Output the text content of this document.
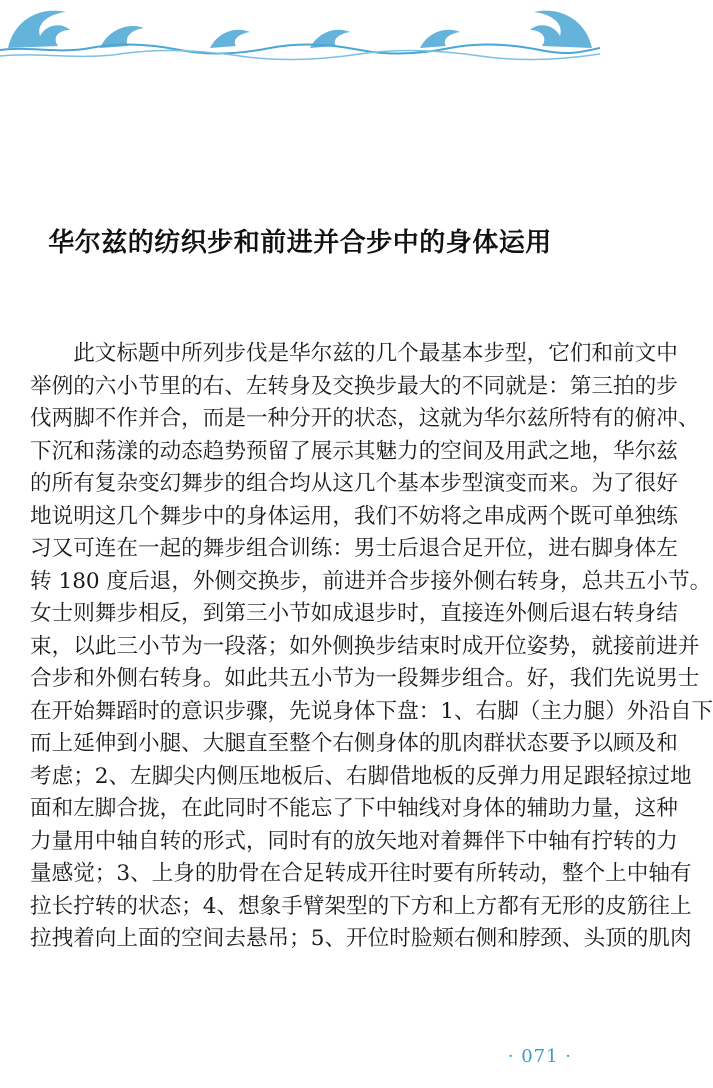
华尔兹的纺织步和前进并合步中的身体运用
　　此文标题中所列步伐是华尔兹的几个最基本步型，它们和前文中
举例的六小节里的右、左转身及交换步最大的不同就是：第三拍的步
伐两脚不作并合，而是一种分开的状态，这就为华尔兹所特有的俯冲、
下沉和荡漾的动态趋势预留了展示其魅力的空间及用武之地，华尔兹
的所有复杂变幻舞步的组合均从这几个基本步型演变而来。为了很好
地说明这几个舞步中的身体运用，我们不妨将之串成两个既可单独练
习又可连在一起的舞步组合训练：男士后退合足开位，进右脚身体左
转 180 度后退，外侧交换步，前进并合步接外侧右转身，总共五小节。
女士则舞步相反，到第三小节如成退步时，直接连外侧后退右转身结
束，以此三小节为一段落；如外侧换步结束时成开位姿势，就接前进并
合步和外侧右转身。如此共五小节为一段舞步组合。好，我们先说男士
在开始舞蹈时的意识步骤，先说身体下盘：1、右脚（主力腿）外沿自下
而上延伸到小腿、大腿直至整个右侧身体的肌肉群状态要予以顾及和
考虑；2、左脚尖内侧压地板后、右脚借地板的反弹力用足跟轻掠过地
面和左脚合拢，在此同时不能忘了下中轴线对身体的辅助力量，这种
力量用中轴自转的形式，同时有的放矢地对着舞伴下中轴有拧转的力
量感觉；3、上身的肋骨在合足转成开往时要有所转动，整个上中轴有
拉长拧转的状态；4、想象手臂架型的下方和上方都有无形的皮筋往上
拉拽着向上面的空间去悬吊；5、开位时脸颊右侧和脖颈、头顶的肌肉
· 071 ·
